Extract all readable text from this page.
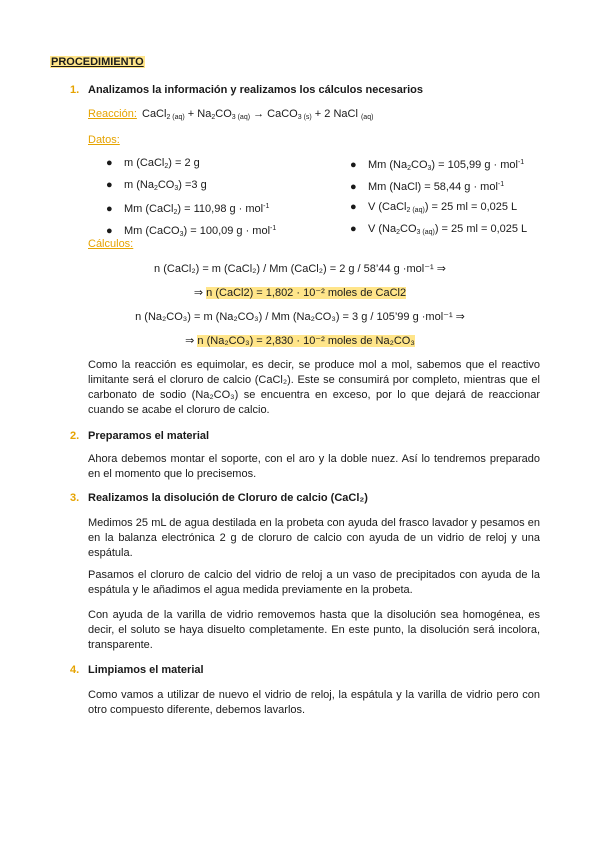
PROCEDIMIENTO
1. Analizamos la información y realizamos los cálculos necesarios
Reacción: CaCl$_{2 (aq)}$ + $Na_2CO_{3 (aq)}$ → CaCO$_{3 (s)}$ + 2 NaCl $_{(aq)}$
Datos:
● m (CaCl$_2$) = 2 g
● m $(Na_2CO_3) =3$ g
● Mm (CaCl$_2$) = 110,98 g · mol$^{-1}$
● Mm (CaCO$_3$) = 100,09 g · mol$^{-1}$
● Mm $(Na_2CO_3) = 105,99$ g · mol$^{-1}$
● Mm (NaCl) = 58,44 g · mol$^{-1}$
● V (CaCl$_{2 (aq)}$) = 25 ml = 0,025 L
● V $(Na_2CO_{3 (aq)}) = 25$ ml = 0,025 L
Cálculos:
n (CaCl₂) = m (CaCl₂) / Mm (CaCl₂) = 2 g / 58’44 g ·mol⁻¹ ⇒
⇒ n (CaCl2) = 1,802 · 10⁻² moles de CaCl2
n (Na₂CO₃) = m (Na₂CO₃) / Mm (Na₂CO₃) = 3 g / 105’99 g ·mol⁻¹ ⇒
⇒ n (Na₂CO₃) = 2,830 · 10⁻² moles de Na₂CO₃
Como la reacción es equimolar, es decir, se produce mol a mol, sabemos que el reactivo limitante será el cloruro de calcio (CaCl₂). Este se consumirá por completo, mientras que el carbonato de sodio (Na₂CO₃) se encuentra en exceso, por lo que dejará de reaccionar cuando se acabe el cloruro de calcio.
2. Preparamos el material
Ahora debemos montar el soporte, con el aro y la doble nuez. Así lo tendremos preparado en el momento que lo precisemos.
3. Realizamos la disolución de Cloruro de calcio (CaCl₂)
Medimos 25 mL de agua destilada en la probeta con ayuda del frasco lavador y pesamos en en la balanza electrónica 2 g de cloruro de calcio con ayuda de un vidrio de reloj y una espátula.
Pasamos el cloruro de calcio del vidrio de reloj a un vaso de precipitados con ayuda de la espátula y le añadimos el agua medida previamente en la probeta.
Con ayuda de la varilla de vidrio removemos hasta que la disolución sea homogénea, es decir, el soluto se haya disuelto completamente. En este punto, la disolución será incolora, transparente.
4. Limpiamos el material
Como vamos a utilizar de nuevo el vidrio de reloj, la espátula y la varilla de vidrio pero con otro compuesto diferente, debemos lavarlos.
